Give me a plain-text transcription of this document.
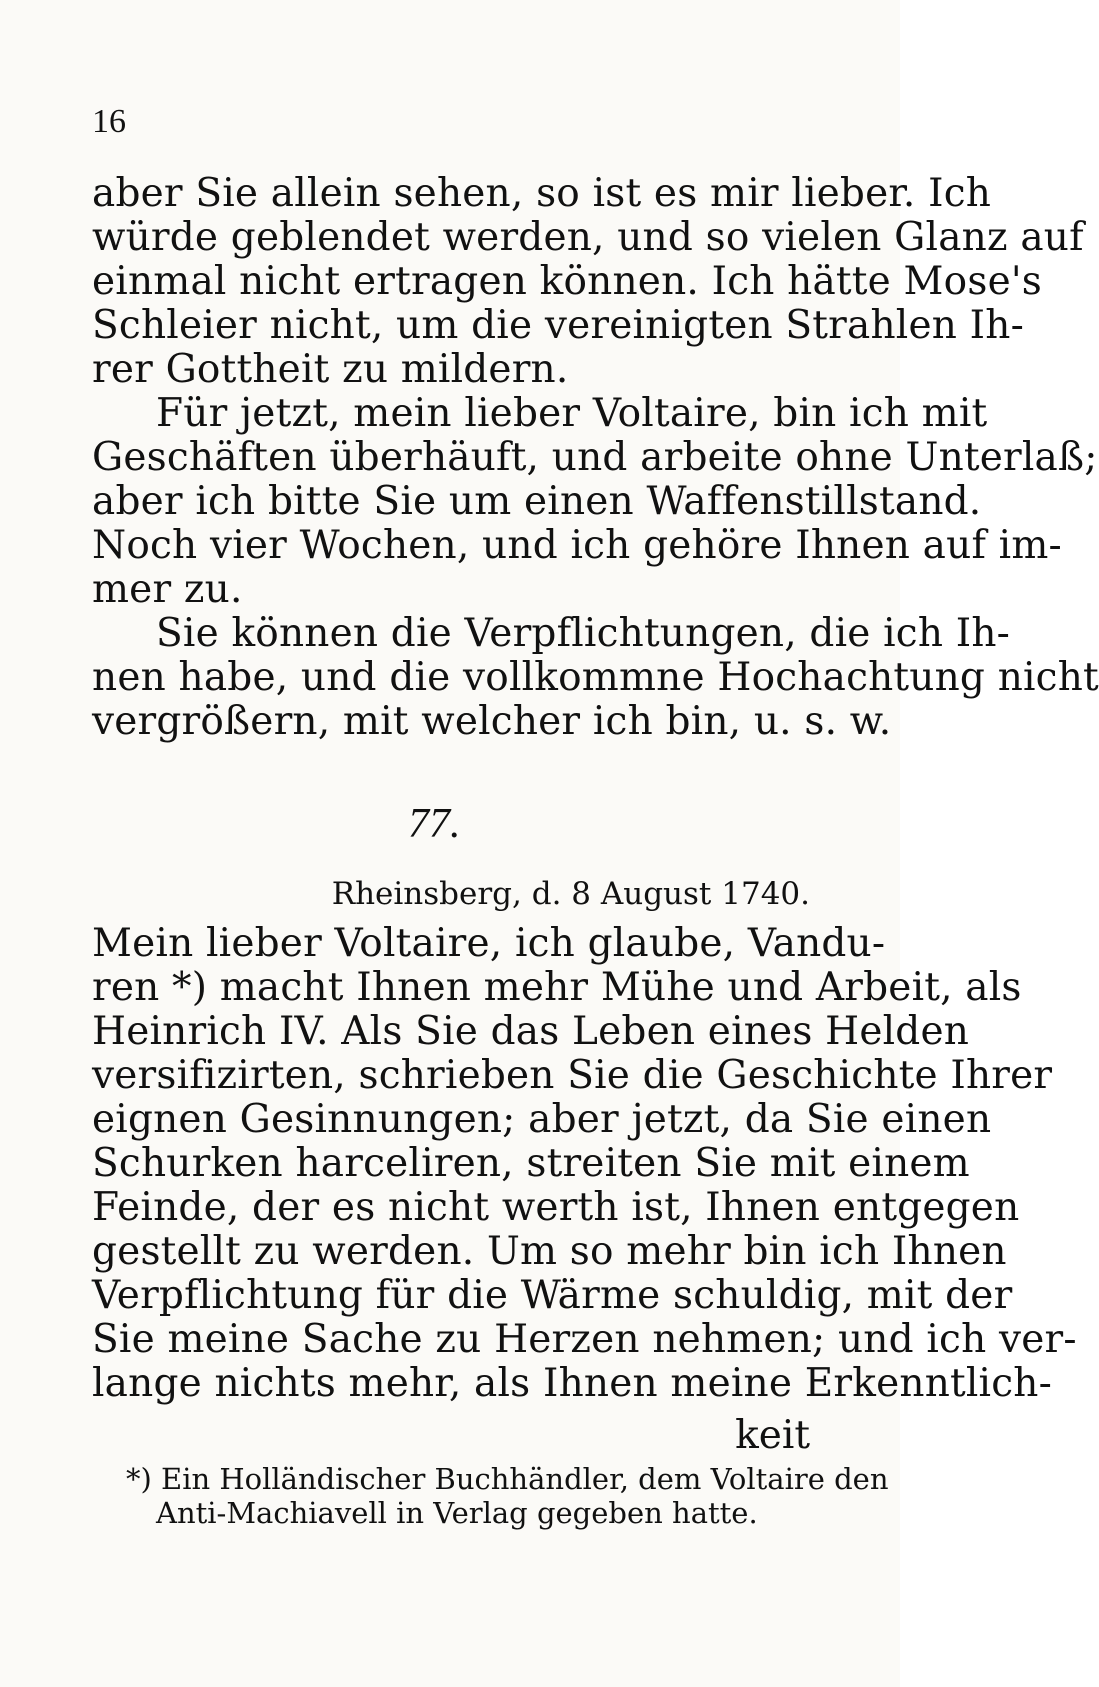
16
aber Sie allein sehen, so ist es mir lieber. Ich
würde geblendet werden, und so vielen Glanz auf
einmal nicht ertragen können. Ich hätte Mose's
Schleier nicht, um die vereinigten Strahlen Ih-
rer Gottheit zu mildern.
Für jetzt, mein lieber Voltaire, bin ich mit
Geschäften überhäuft, und arbeite ohne Unterlaß;
aber ich bitte Sie um einen Waffenstillstand.
Noch vier Wochen, und ich gehöre Ihnen auf im-
mer zu.
Sie können die Verpflichtungen, die ich Ih-
nen habe, und die vollkommne Hochachtung nicht
vergrößern, mit welcher ich bin, u. s. w.
77.
Rheinsberg, d. 8 August 1740.
Mein lieber Voltaire, ich glaube, Vandu-
ren *) macht Ihnen mehr Mühe und Arbeit, als
Heinrich IV. Als Sie das Leben eines Helden
versifizirten, schrieben Sie die Geschichte Ihrer
eignen Gesinnungen; aber jetzt, da Sie einen
Schurken harceliren, streiten Sie mit einem
Feinde, der es nicht werth ist, Ihnen entgegen
gestellt zu werden. Um so mehr bin ich Ihnen
Verpflichtung für die Wärme schuldig, mit der
Sie meine Sache zu Herzen nehmen; und ich ver-
lange nichts mehr, als Ihnen meine Erkenntlich-
keit
*) Ein Holländischer Buchhändler, dem Voltaire den
Anti-Machiavell in Verlag gegeben hatte.
